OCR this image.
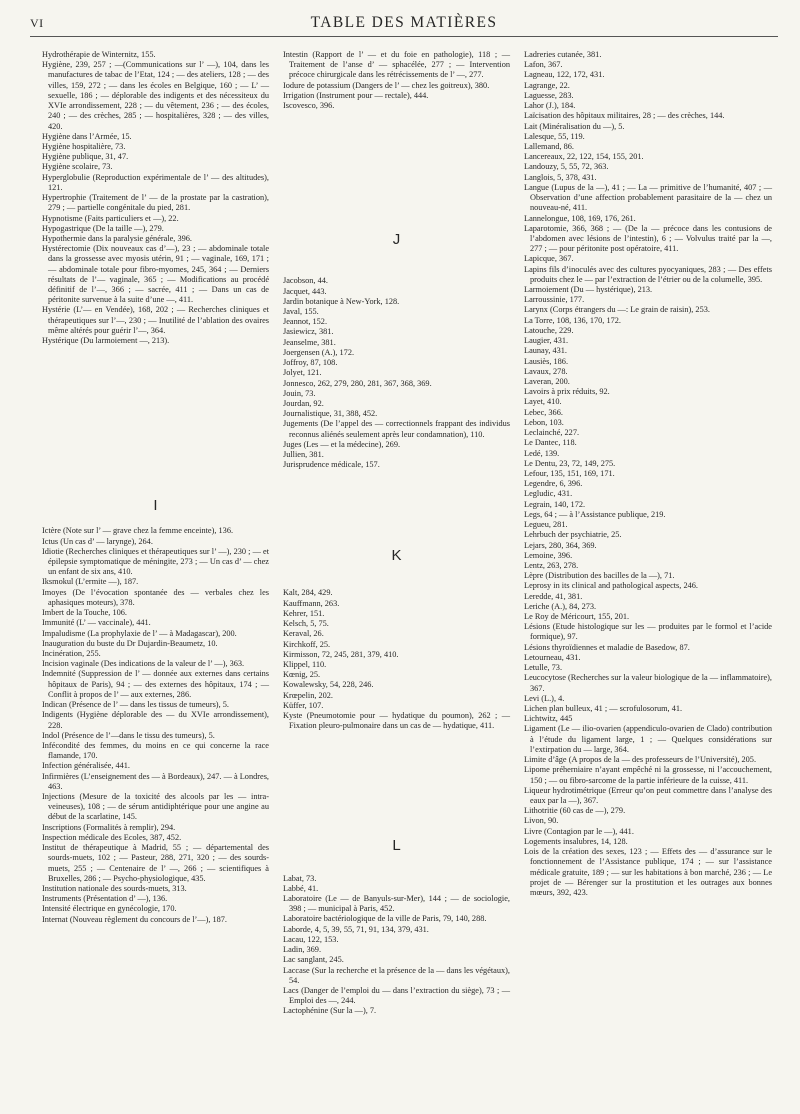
VI	TABLE DES MATIÈRES

Hydrothérapie de Winternitz, 155.

Hygiène, 239, 257 ; —(Communications sur l’ —), 104, dans les manufactures de tabac de l’Etat, 124 ; — des ateliers, 128 ; — des villes, 159, 272 ; — dans les écoles en Belgique, 160 ; — L’ — sexuelle, 186 ; — déplorable des indigents et des nécessiteux du XVIe arrondissement, 228 ; — du vêtement, 236 ; — des écoles, 240 ; — des crèches, 285 ; — hospitalières, 328 ; — des villes, 420.

Hygiène dans l’Armée, 15.

Hygiène hospitalière, 73.

Hygiène publique, 31, 47.

Hygiène scolaire, 73.

Hyperglobulie (Reproduction expérimentale de l’ — des altitudes), 121.

Hypertrophie (Traitement de l’ — de la prostate par la castration), 279 ; — partielle congénitale du pied, 281.

Hypnotisme (Faits particuliers et —), 22.

Hypogastrique (De la taille —), 279.

Hypothermie dans la paralysie générale, 396.

Hystérectomie (Dix nouveaux cas d’—), 23 ; — abdominale totale dans la grossesse avec myosis utérin, 91 ; — vaginale, 169, 171 ; — abdominale totale pour fibro-myomes, 245, 364 ; — Derniers résultats de l’— vaginale, 365 ; — Modifications au procédé définitif de l’—, 366 ; — sacrée, 411 ; — Dans un cas de péritonite survenue à la suite d’une —, 411.

Hystérie (L’— en Vendée), 168, 202 ; — Recherches cliniques et thérapeutiques sur l’—, 230 ; — Inutilité de l’ablation des ovaires même altérés pour guérir l’—, 364.

Hystérique (Du larmoiement —, 213).

I

Ictère (Note sur l’ — grave chez la femme enceinte), 136.

Ictus (Un cas d’ — larynge), 264.

Idiotie (Recherches cliniques et thérapeutiques sur l’ —), 230 ; — et épilepsie symptomatique de méningite, 273 ; — Un cas d’ — chez un enfant de six ans, 410.

Iksmokul (L’ermite —), 187.

Imoyes (De l’évocation spontanée des — verbales chez les aphasiques moteurs), 378.

Imbert de la Touche, 106.

Immunité (L’ — vaccinale), 441.

Impaludisme (La prophylaxie de l’ — à Madagascar), 200.

Inauguration du buste du Dr Dujardin-Beaumetz, 10.

Incinération, 255.

Incision vaginale (Des indications de la valeur de l’ —), 363.

Indemnité (Suppression de l’ — donnée aux externes dans certains hôpitaux de Paris), 94 ; — des externes des hôpitaux, 174 ; — Conflit à propos de l’ — aux externes, 286.

Indican (Présence de l’ — dans les tissus de tumeurs), 5.

Indigents (Hygiène déplorable des — du XVIe arrondissement), 228.

Indol (Présence de l’—dans le tissu des tumeurs), 5.

Infécondité des femmes, du moins en ce qui concerne la race flamande, 170.

Infection généralisée, 441.

Infirmières (L’enseignement des — à Bordeaux), 247. — à Londres, 463.

Injections (Mesure de la toxicité des alcools par les — intra-veineuses), 108 ; — de sérum antidiphtérique pour une angine au début de la scarlatine, 145.

Inscriptions (Formalités à remplir), 294.

Inspection médicale des Ecoles, 387, 452.

Institut de thérapeutique à Madrid, 55 ; — départemental des sourds-muets, 102 ; — Pasteur, 288, 271, 320 ; — des sourds-muets, 255 ; — Centenaire de l’ —, 266 ; — scientifiques à Bruxelles, 286 ; — Psycho-physiologique, 435.

Institution nationale des sourds-muets, 313.

Instruments (Présentation d’ —), 136.

Intensité électrique en gynécologie, 170.

Internat (Nouveau règlement du concours de l’—), 187.

Intestin (Rapport de l’ — et du foie en pathologie), 118 ; — Traitement de l’anse d’ — sphacélée, 277 ; — Intervention précoce chirurgicale dans les rétrécissements de l’ —, 277.

Iodure de potassium (Dangers de l’ — chez les goitreux), 380.

Irrigation (Instrument pour — rectale), 444.

Iscovesco, 396.

J

Jacobson, 44.

Jacquet, 443.

Jardin botanique à New-York, 128.

Javal, 155.

Jeannot, 152.

Jasiewicz, 381.

Jeanselme, 381.

Joergensen (A.), 172.

Joffroy, 87, 108.

Jolyet, 121.

Jonnesco, 262, 279, 280, 281, 367, 368, 369.

Jouin, 73.

Jourdan, 92.

Journalistique, 31, 388, 452.

Jugements (De l’appel des — correctionnels frappant des individus reconnus aliénés seulement après leur condamnation), 110.

Juges (Les — et la médecine), 269.

Jullien, 381.

Jurisprudence médicale, 157.

K

Kalt, 284, 429.

Kauffmann, 263.

Kehrer, 151.

Kelsch, 5, 75.

Keraval, 26.

Kirchkoff, 25.

Kirmisson, 72, 245, 281, 379, 410.

Klippel, 110.

Kœnig, 25.

Kowalewsky, 54, 228, 246.

Krœpelin, 202.

Küffer, 107.

Kyste (Pneumotomie pour — hydatique du poumon), 262 ; — Fixation pleuro-pulmonaire dans un cas de — hydatique, 411.

L

Labat, 73.

Labbé, 41.

Laboratoire (Le — de Banyuls-sur-Mer), 144 ; — de sociologie, 398 ; — municipal à Paris, 452.

Laboratoire bactériologique de la ville de Paris, 79, 140, 288.

Laborde, 4, 5, 39, 55, 71, 91, 134, 379, 431.

Lacau, 122, 153.

Ladin, 369.

Lac sanglant, 245.

Laccase (Sur la recherche et la présence de la — dans les végétaux), 54.

Lacs (Danger de l’emploi du — dans l’extraction du siège), 73 ; — Emploi des —, 244.

Lactophénine (Sur la —), 7.

Ladreries cutanée, 381.

Lafon, 367.

Lagneau, 122, 172, 431.

Lagrange, 22.

Laguesse, 283.

Lahor (J.), 184.

Laïcisation des hôpitaux militaires, 28 ; — des crèches, 144.

Lait (Minéralisation du —), 5.

Lalesque, 55, 119.

Lallemand, 86.

Lancereaux, 22, 122, 154, 155, 201.

Landouzy, 5, 55, 72, 363.

Langlois, 5, 378, 431.

Langue (Lupus de la —), 41 ; — La — primitive de l’humanité, 407 ; — Observation d’une affection probablement parasitaire de la — chez un nouveau-né, 411.

Lannelongue, 108, 169, 176, 261.

Laparotomie, 366, 368 ; — (De la — précoce dans les contusions de l’abdomen avec lésions de l’intestin), 6 ; — Volvulus traité par la —, 277 ; — pour péritonite post opératoire, 411.

Lapicque, 367.

Lapins fils d’inoculés avec des cultures pyocyaniques, 283 ; — Des effets produits chez le — par l’extraction de l’étrier ou de la columelle, 395.

Larmoiement (Du — hystérique), 213.

Larroussinie, 177.

Larynx (Corps étrangers du —: Le grain de raisin), 253.

La Torre, 108, 136, 170, 172.

Latouche, 229.

Laugier, 431.

Launay, 431.

Lausiès, 186.

Lavaux, 278.

Laveran, 200.

Lavoirs à prix réduits, 92.

Layet, 410.

Lebec, 366.

Lebon, 103.

Leclainché, 227.

Le Dantec, 118.

Ledé, 139.

Le Dentu, 23, 72, 149, 275.

Lefour, 135, 151, 169, 171.

Legendre, 6, 396.

Legludic, 431.

Legrain, 140, 172.

Legs, 64 ; — à l’Assistance publique, 219.

Legueu, 281.

Lehrbuch der psychiatrie, 25.

Lejars, 280, 364, 369.

Lemoine, 396.

Lentz, 263, 278.

Lèpre (Distribution des bacilles de la —), 71.

Leprosy in its clinical and pathological aspects, 246.

Leredde, 41, 381.

Leriche (A.), 84, 273.

Le Roy de Méricourt, 155, 201.

Lésions (Etude histologique sur les — produites par le formol et l’acide formique), 97.

Lésions thyroïdiennes et maladie de Basedow, 87.

Letourneau, 431.

Letulle, 73.

Leucocytose (Recherches sur la valeur biologique de la — inflammatoire), 367.

Levi (L.), 4.

Lichen plan bulleux, 41 ; — scrofulosorum, 41.

Lichtwitz, 445

Ligament (Le — ilio-ovarien (appendiculo-ovarien de Clado) contribution à l’étude du ligament large, 1 ; — Quelques considérations sur l’extirpation du — large, 364.

Limite d’âge (A propos de la — des professeurs de l’Université), 205.

Lipome préherniaire n’ayant empêché ni la grossesse, ni l’accouchement, 150 ; — ou fibro-sarcome de la partie inférieure de la cuisse, 411.

Liqueur hydrotimétrique (Erreur qu’on peut commettre dans l’analyse des eaux par la —), 367.

Lithotritie (60 cas de —), 279.

Livon, 90.

Livre (Contagion par le —), 441.

Logements insalubres, 14, 128.

Lois de la création des sexes, 123 ; — Effets des — d’assurance sur le fonctionnement de l’Assistance publique, 174 ; — sur l’assistance médicale gratuite, 189 ; — sur les habitations à bon marché, 236 ; — Le projet de — Bérenger sur la prostitution et les outrages aux bonnes mœurs, 392, 423.
